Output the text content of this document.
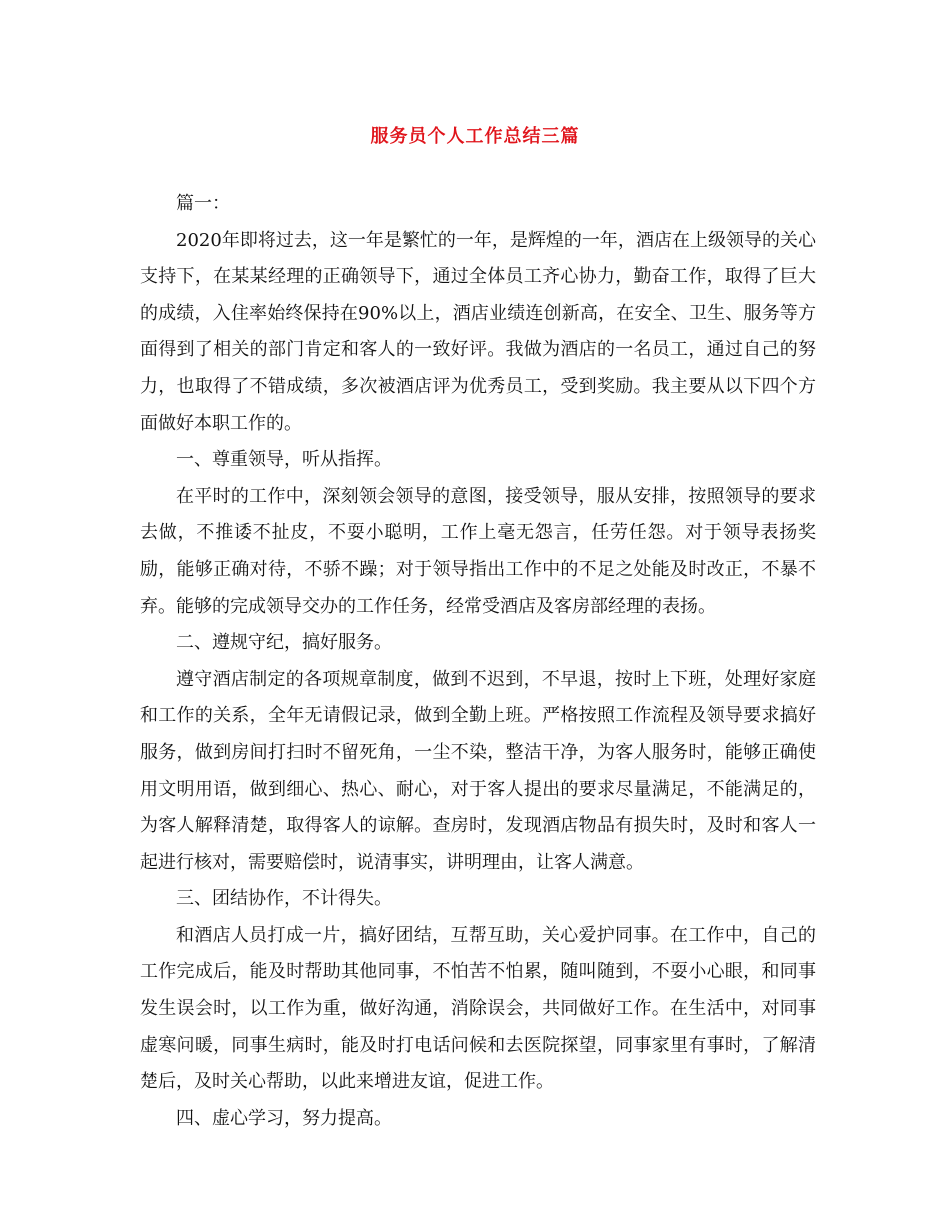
服务员个人工作总结三篇

篇一：

2020年即将过去，这一年是繁忙的一年，是辉煌的一年，酒店在上级领导的关心支持下，在某某经理的正确领导下，通过全体员工齐心协力，勤奋工作，取得了巨大的成绩，入住率始终保持在90%以上，酒店业绩连创新高，在安全、卫生、服务等方面得到了相关的部门肯定和客人的一致好评。我做为酒店的一名员工，通过自己的努力，也取得了不错成绩，多次被酒店评为优秀员工，受到奖励。我主要从以下四个方面做好本职工作的。

一、尊重领导，听从指挥。

在平时的工作中，深刻领会领导的意图，接受领导，服从安排，按照领导的要求去做，不推诿不扯皮，不耍小聪明，工作上毫无怨言，任劳任怨。对于领导表扬奖励，能够正确对待，不骄不躁；对于领导指出工作中的不足之处能及时改正，不暴不弃。能够的完成领导交办的工作任务，经常受酒店及客房部经理的表扬。

二、遵规守纪，搞好服务。

遵守酒店制定的各项规章制度，做到不迟到，不早退，按时上下班，处理好家庭和工作的关系，全年无请假记录，做到全勤上班。严格按照工作流程及领导要求搞好服务，做到房间打扫时不留死角，一尘不染，整洁干净，为客人服务时，能够正确使用文明用语，做到细心、热心、耐心，对于客人提出的要求尽量满足，不能满足的，为客人解释清楚，取得客人的谅解。查房时，发现酒店物品有损失时，及时和客人一起进行核对，需要赔偿时，说清事实，讲明理由，让客人满意。

三、团结协作，不计得失。

和酒店人员打成一片，搞好团结，互帮互助，关心爱护同事。在工作中，自己的工作完成后，能及时帮助其他同事，不怕苦不怕累，随叫随到，不耍小心眼，和同事发生误会时，以工作为重，做好沟通，消除误会，共同做好工作。在生活中，对同事虚寒问暖，同事生病时，能及时打电话问候和去医院探望，同事家里有事时，了解清楚后，及时关心帮助，以此来增进友谊，促进工作。

四、虚心学习，努力提高。
